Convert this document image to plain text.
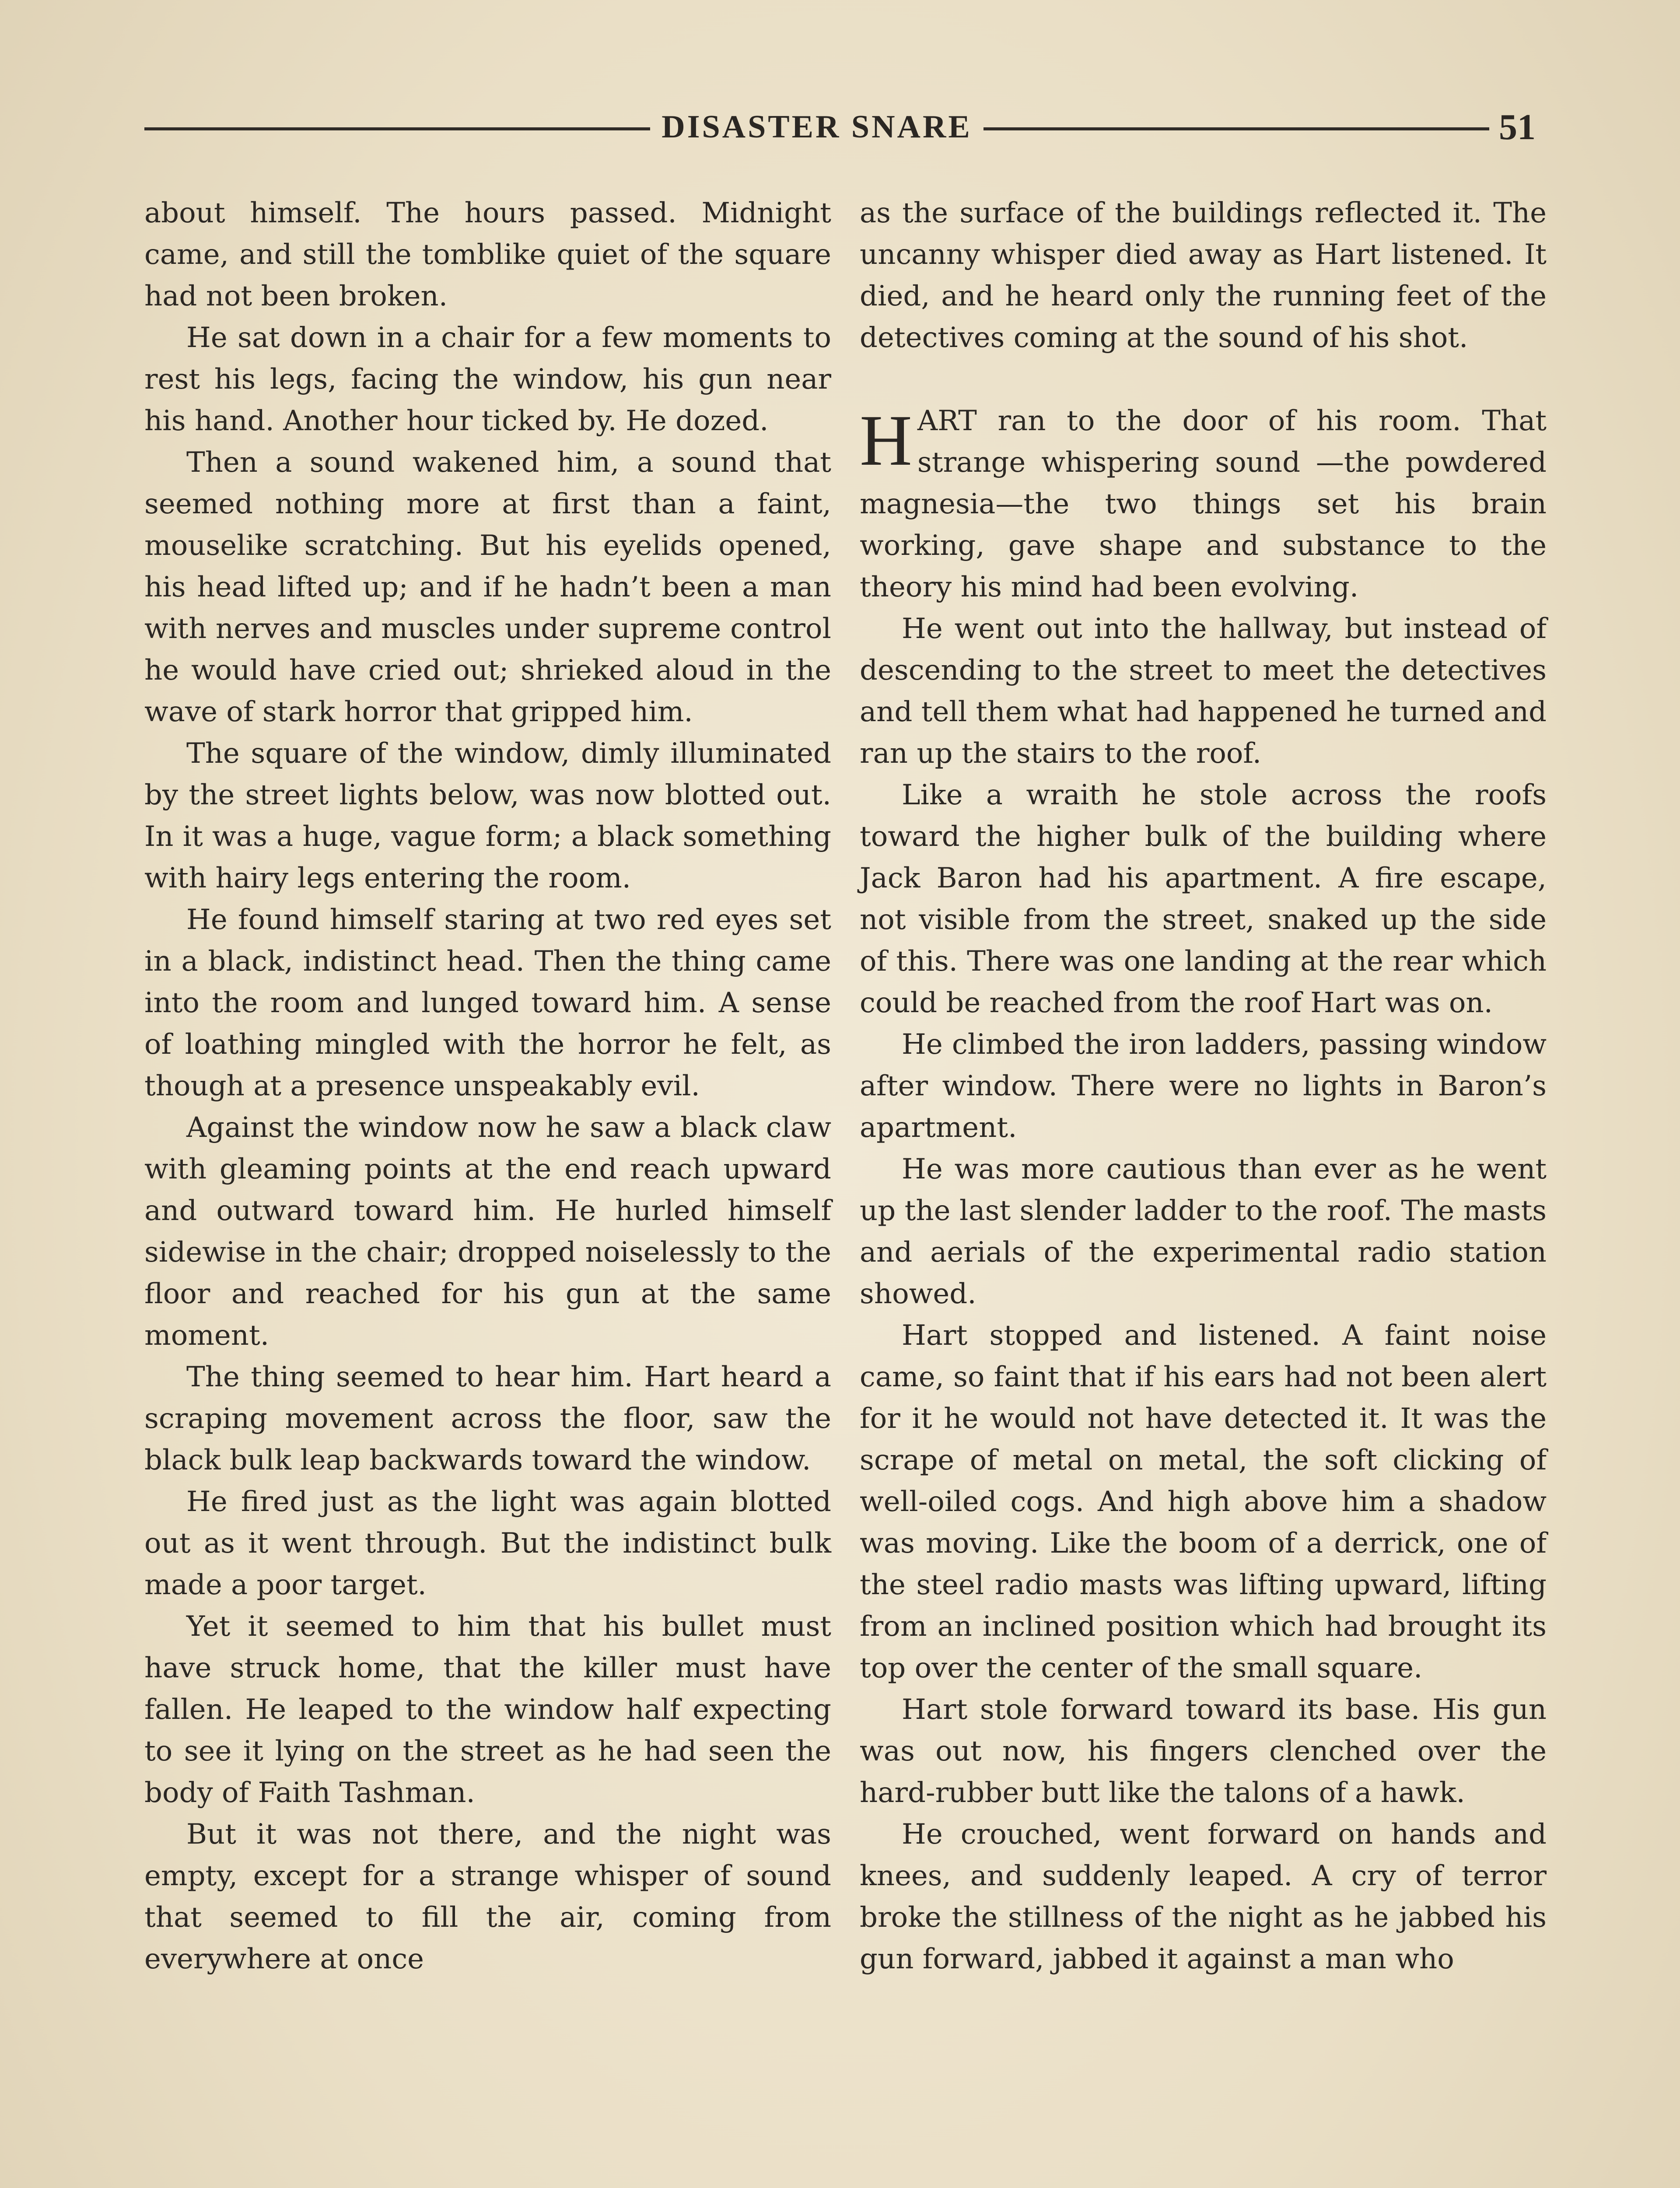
DISASTER SNARE	51

about himself. The hours passed. Midnight came, and still the tomblike quiet of the square had not been broken.

He sat down in a chair for a few moments to rest his legs, facing the window, his gun near his hand. Another hour ticked by. He dozed.

Then a sound wakened him, a sound that seemed nothing more at first than a faint, mouselike scratching. But his eyelids opened, his head lifted up; and if he hadn’t been a man with nerves and muscles under supreme control he would have cried out; shrieked aloud in the wave of stark horror that gripped him.

The square of the window, dimly illuminated by the street lights below, was now blotted out. In it was a huge, vague form; a black something with hairy legs entering the room.

He found himself staring at two red eyes set in a black, indistinct head. Then the thing came into the room and lunged toward him. A sense of loathing mingled with the horror he felt, as though at a presence unspeakably evil.

Against the window now he saw a black claw with gleaming points at the end reach upward and outward toward him. He hurled himself sidewise in the chair; dropped noiselessly to the floor and reached for his gun at the same moment.

The thing seemed to hear him. Hart heard a scraping movement across the floor, saw the black bulk leap backwards toward the window.

He fired just as the light was again blotted out as it went through. But the indistinct bulk made a poor target.

Yet it seemed to him that his bullet must have struck home, that the killer must have fallen. He leaped to the window half expecting to see it lying on the street as he had seen the body of Faith Tashman.

But it was not there, and the night was empty, except for a strange whisper of sound that seemed to fill the air, coming from everywhere at once

as the surface of the buildings reflected it. The uncanny whisper died away as Hart listened. It died, and he heard only the running feet of the detectives coming at the sound of his shot.

HART ran to the door of his room. That strange whispering sound —the powdered magnesia—the two things set his brain working, gave shape and substance to the theory his mind had been evolving.

He went out into the hallway, but instead of descending to the street to meet the detectives and tell them what had happened he turned and ran up the stairs to the roof.

Like a wraith he stole across the roofs toward the higher bulk of the building where Jack Baron had his apartment. A fire escape, not visible from the street, snaked up the side of this. There was one landing at the rear which could be reached from the roof Hart was on.

He climbed the iron ladders, passing window after window. There were no lights in Baron’s apartment.

He was more cautious than ever as he went up the last slender ladder to the roof. The masts and aerials of the experimental radio station showed.

Hart stopped and listened. A faint noise came, so faint that if his ears had not been alert for it he would not have detected it. It was the scrape of metal on metal, the soft clicking of well-oiled cogs. And high above him a shadow was moving. Like the boom of a derrick, one of the steel radio masts was lifting upward, lifting from an inclined position which had brought its top over the center of the small square.

Hart stole forward toward its base. His gun was out now, his fingers clenched over the hard-rubber butt like the talons of a hawk.

He crouched, went forward on hands and knees, and suddenly leaped. A cry of terror broke the stillness of the night as he jabbed his gun forward, jabbed it against a man who
